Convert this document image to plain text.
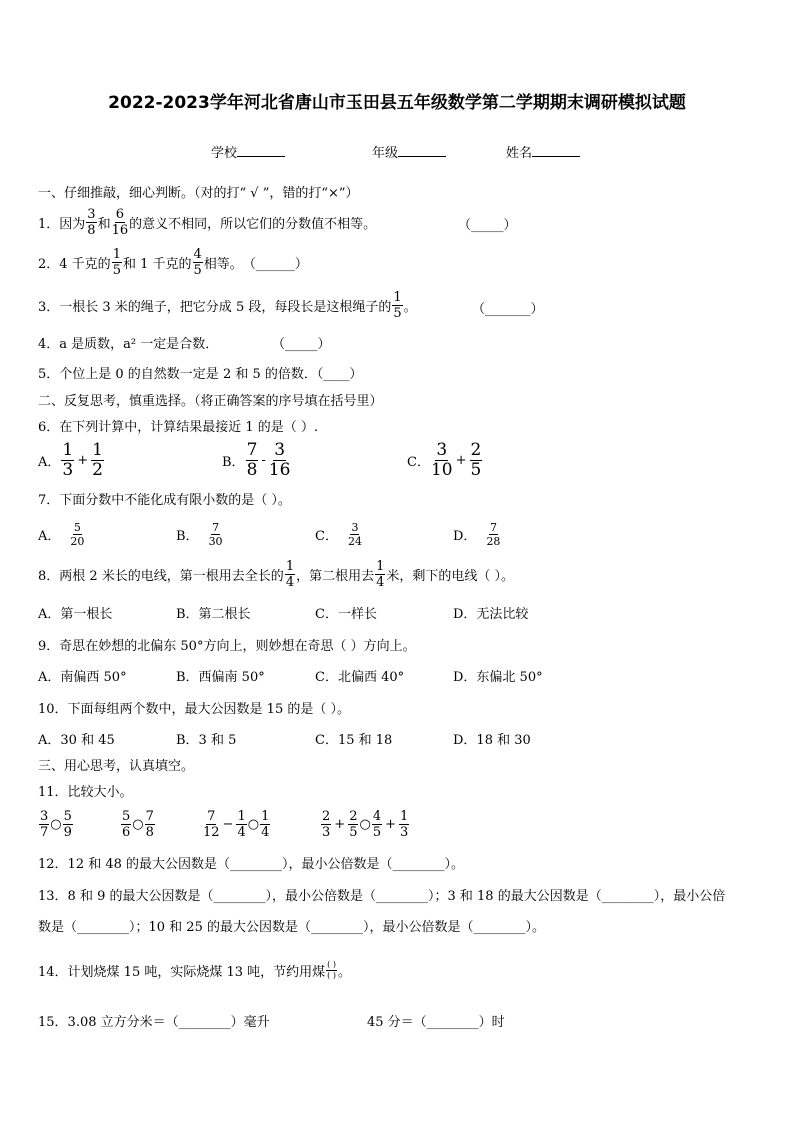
2022-2023学年河北省唐山市玉田县五年级数学第二学期期末调研模拟试题
学校	年级	姓名
一、仔细推敲，细心判断。（对的打“ √ ”，错的打“×”）
1．因为 $\frac{3}{8}$ 和 $\frac{6}{16}$ 的意义不相同，所以它们的分数值不相等。	（_____）
2．4 千克的 $\frac{1}{5}$ 和 1 千克的 $\frac{4}{5}$ 相等。 （______）
3．一根长 3 米的绳子，把它分成 5 段，每段长是这根绳子的 $\frac{1}{5}$ 。	（_______）
4．a 是质数，a² 一定是合数．	（_____）
5．个位上是 0 的自然数一定是 2 和 5 的倍数．（____）
二、反复思考，慎重选择。（将正确答案的序号填在括号里）
6．在下列计算中，计算结果最接近 1 的是（ ）.
A． $\frac{1}{3} + \frac{1}{2}$	B． $\frac{7}{8} - \frac{3}{16}$	C． $\frac{3}{10} + \frac{2}{5}$
7．下面分数中不能化成有限小数的是（ ）。
A． $\frac{5}{20}$	B． $\frac{7}{30}$	C． $\frac{3}{24}$	D． $\frac{7}{28}$
8．两根 2 米长的电线，第一根用去全长的 $\frac{1}{4}$ ，第二根用去 $\frac{1}{4}$ 米，剩下的电线（ ）。
A．第一根长	B．第二根长	C．一样长	D．无法比较
9．奇思在妙想的北偏东 50°方向上，则妙想在奇思（ ）方向上。
A．南偏西 50°	B．西偏南 50°	C．北偏西 40°	D．东偏北 50°
10．下面每组两个数中，最大公因数是 15 的是（ ）。
A．30 和 45	B．3 和 5	C．15 和 18	D．18 和 30
三、用心思考，认真填空。
11．比较大小。
$\frac{3}{7}$ ○ $\frac{5}{9}$	$\frac{5}{6}$ ○ $\frac{7}{8}$	$\frac{7}{12} - \frac{1}{4}$ ○ $\frac{1}{4}$	$\frac{2}{3} + \frac{2}{5}$ ○ $\frac{4}{5} + \frac{1}{3}$
12．12 和 48 的最大公因数是（________），最小公倍数是（________）。
13．8 和 9 的最大公因数是（________），最小公倍数是（________）；3 和 18 的最大公因数是（________），最小公倍
数是（________）；10 和 25 的最大公因数是（________），最小公倍数是（________）。
14．计划烧煤 15 吨，实际烧煤 13 吨，节约用煤 $\frac{( )}{( )}$ 。
15．3.08 立方分米＝（________）毫升	45 分＝（________）时
